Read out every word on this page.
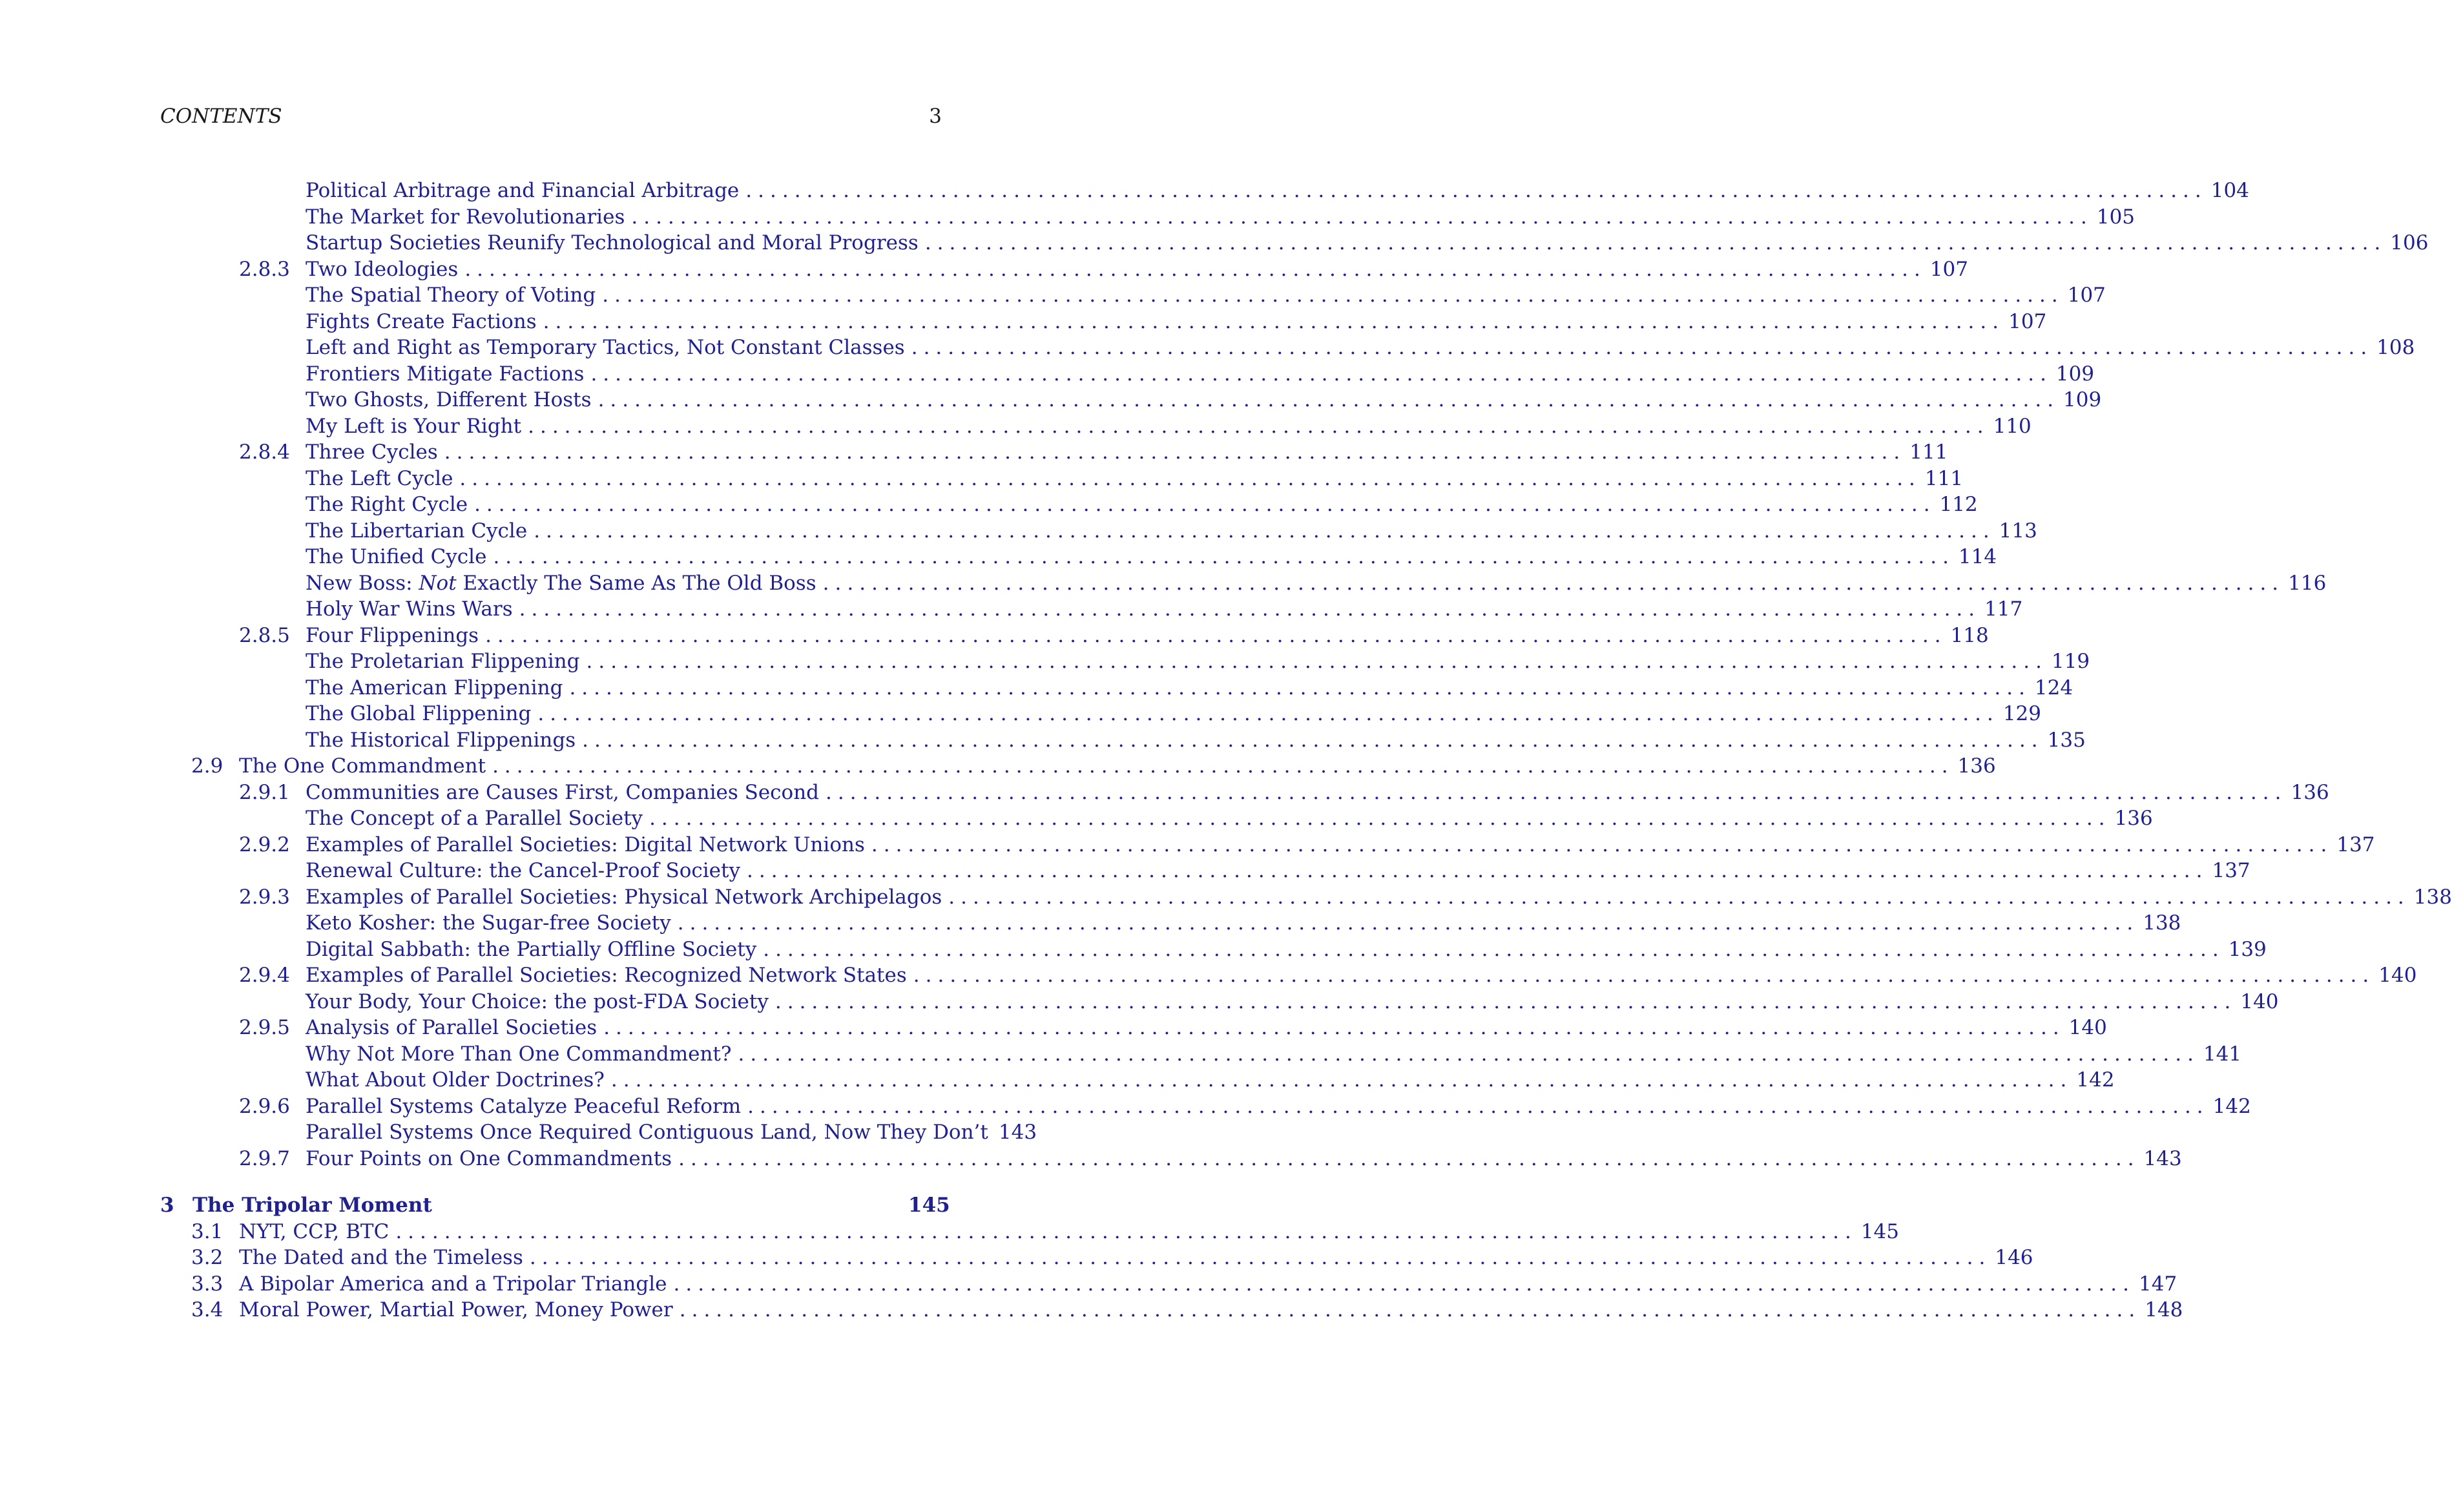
CONTENTS	3
Political Arbitrage and Financial Arbitrage ........................................................................................................................ 104
The Market for Revolutionaries ........................................................................................................................ 105
Startup Societies Reunify Technological and Moral Progress ........................................................................................................................ 106
2.8.3 Two Ideologies ........................................................................................................................ 107
The Spatial Theory of Voting ........................................................................................................................ 107
Fights Create Factions ........................................................................................................................ 107
Left and Right as Temporary Tactics, Not Constant Classes ........................................................................................................................ 108
Frontiers Mitigate Factions ........................................................................................................................ 109
Two Ghosts, Different Hosts ........................................................................................................................ 109
My Left is Your Right ........................................................................................................................ 110
2.8.4 Three Cycles ........................................................................................................................ 111
The Left Cycle ........................................................................................................................ 111
The Right Cycle ........................................................................................................................ 112
The Libertarian Cycle ........................................................................................................................ 113
The Unified Cycle ........................................................................................................................ 114
New Boss: Not Exactly The Same As The Old Boss ........................................................................................................................ 116
Holy War Wins Wars ........................................................................................................................ 117
2.8.5 Four Flippenings ........................................................................................................................ 118
The Proletarian Flippening ........................................................................................................................ 119
The American Flippening ........................................................................................................................ 124
The Global Flippening ........................................................................................................................ 129
The Historical Flippenings ........................................................................................................................ 135
2.9 The One Commandment ........................................................................................................................ 136
2.9.1 Communities are Causes First, Companies Second ........................................................................................................................ 136
The Concept of a Parallel Society ........................................................................................................................ 136
2.9.2 Examples of Parallel Societies: Digital Network Unions ........................................................................................................................ 137
Renewal Culture: the Cancel-Proof Society ........................................................................................................................ 137
2.9.3 Examples of Parallel Societies: Physical Network Archipelagos ........................................................................................................................ 138
Keto Kosher: the Sugar-free Society ........................................................................................................................ 138
Digital Sabbath: the Partially Offline Society ........................................................................................................................ 139
2.9.4 Examples of Parallel Societies: Recognized Network States ........................................................................................................................ 140
Your Body, Your Choice: the post-FDA Society ........................................................................................................................ 140
2.9.5 Analysis of Parallel Societies ........................................................................................................................ 140
Why Not More Than One Commandment? ........................................................................................................................ 141
What About Older Doctrines? ........................................................................................................................ 142
2.9.6 Parallel Systems Catalyze Peaceful Reform ........................................................................................................................ 142
Parallel Systems Once Required Contiguous Land, Now They Don’t 143
2.9.7 Four Points on One Commandments ........................................................................................................................ 143
3 The Tripolar Moment	145
3.1 NYT, CCP, BTC ........................................................................................................................ 145
3.2 The Dated and the Timeless ........................................................................................................................ 146
3.3 A Bipolar America and a Tripolar Triangle ........................................................................................................................ 147
3.4 Moral Power, Martial Power, Money Power ........................................................................................................................ 148
